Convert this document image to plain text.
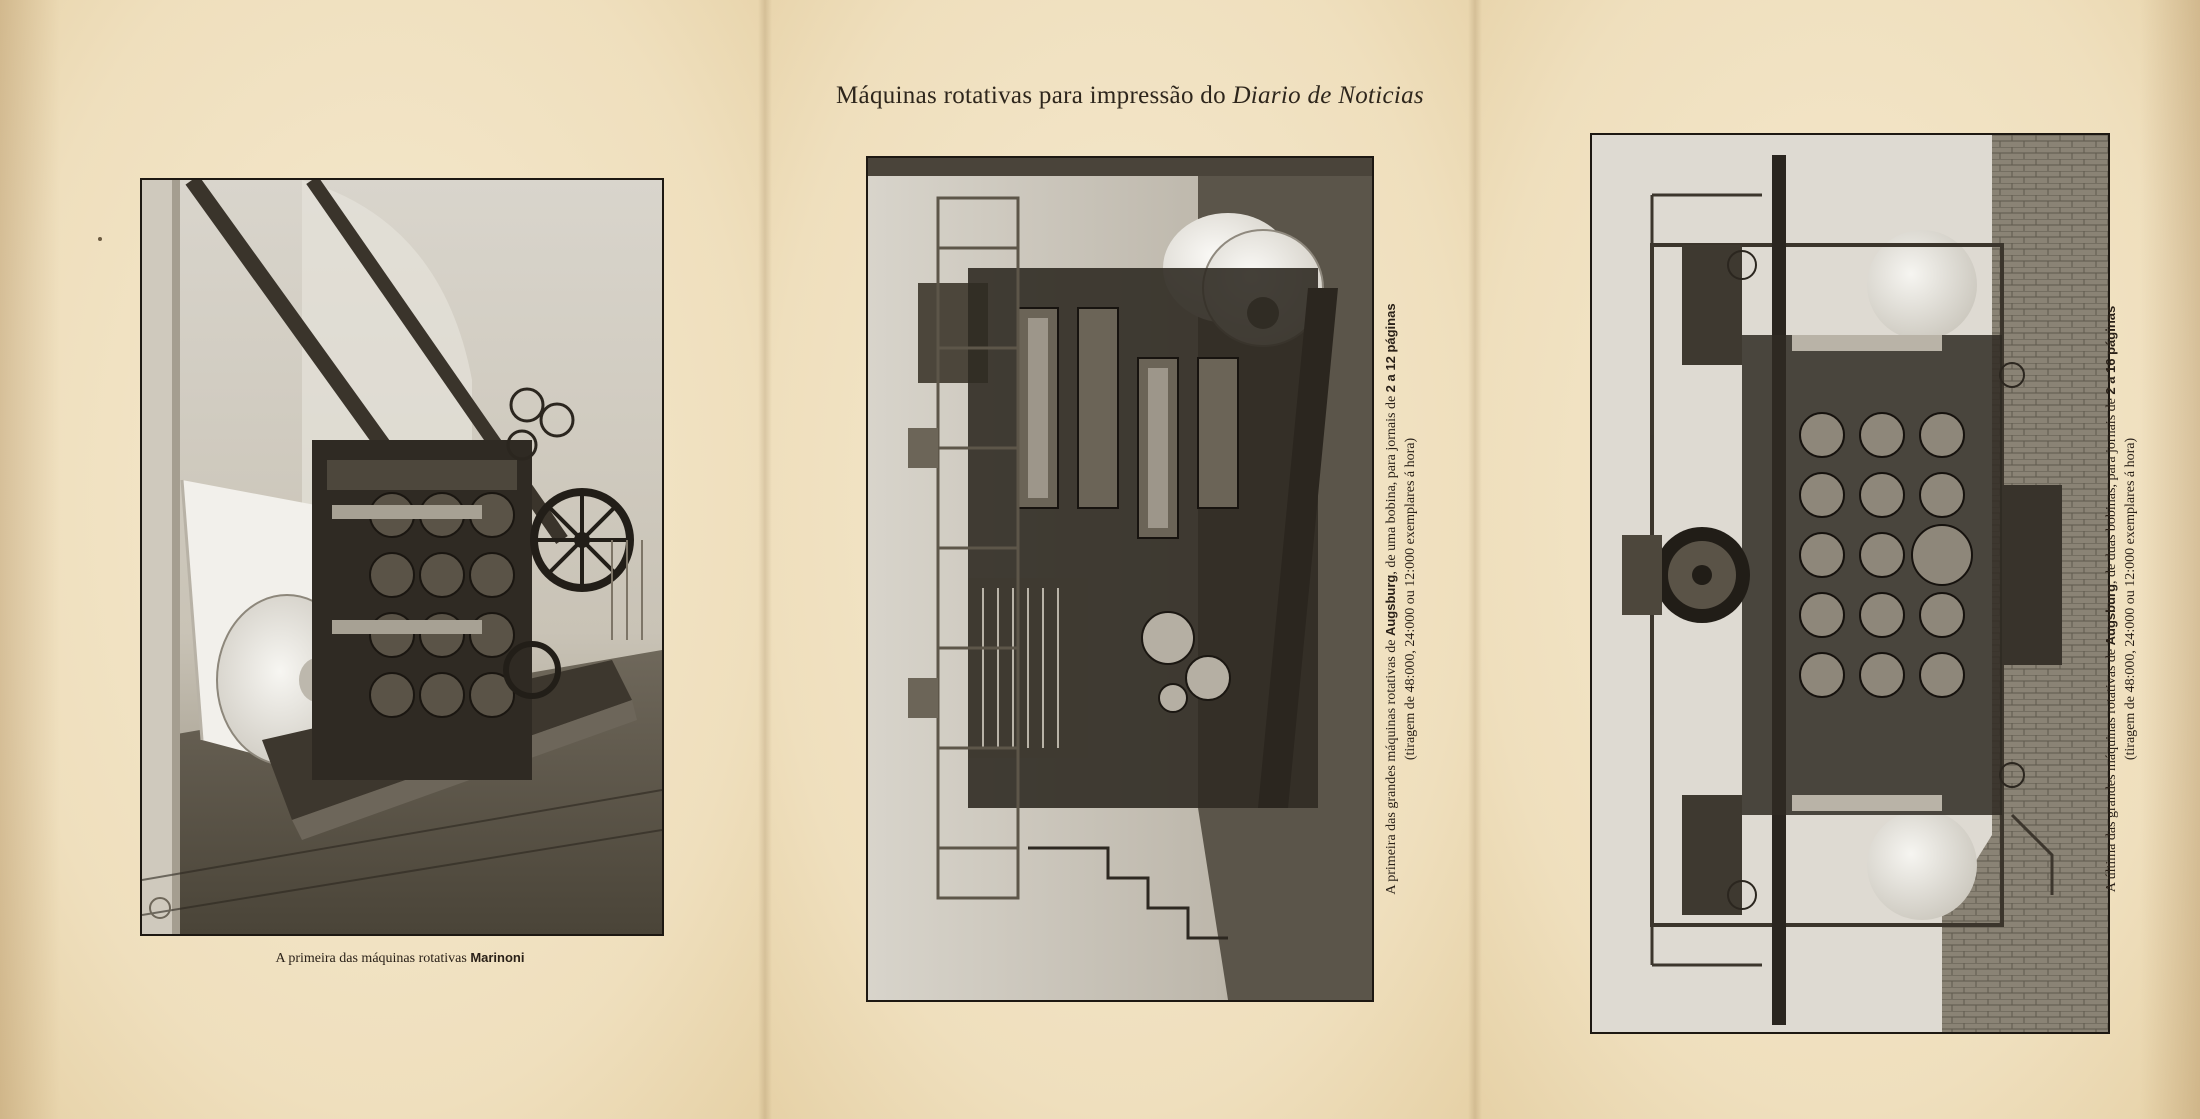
Máquinas rotativas para impressão do Diario de Noticias
A primeira das máquinas rotativas Marinoni
A primeira das grandes máquinas rotativas de Augsburg, de uma bobina, para jornais de 2 a 12 páginas
(tiragem de 48:000, 24:000 ou 12:000 exemplares á hora)
A última das grandes máquinas rotativas de Augsburg, de duas bobinas, para jornais de 2 a 16 páginas
(tiragem de 48:000, 24:000 ou 12:000 exemplares á hora)
